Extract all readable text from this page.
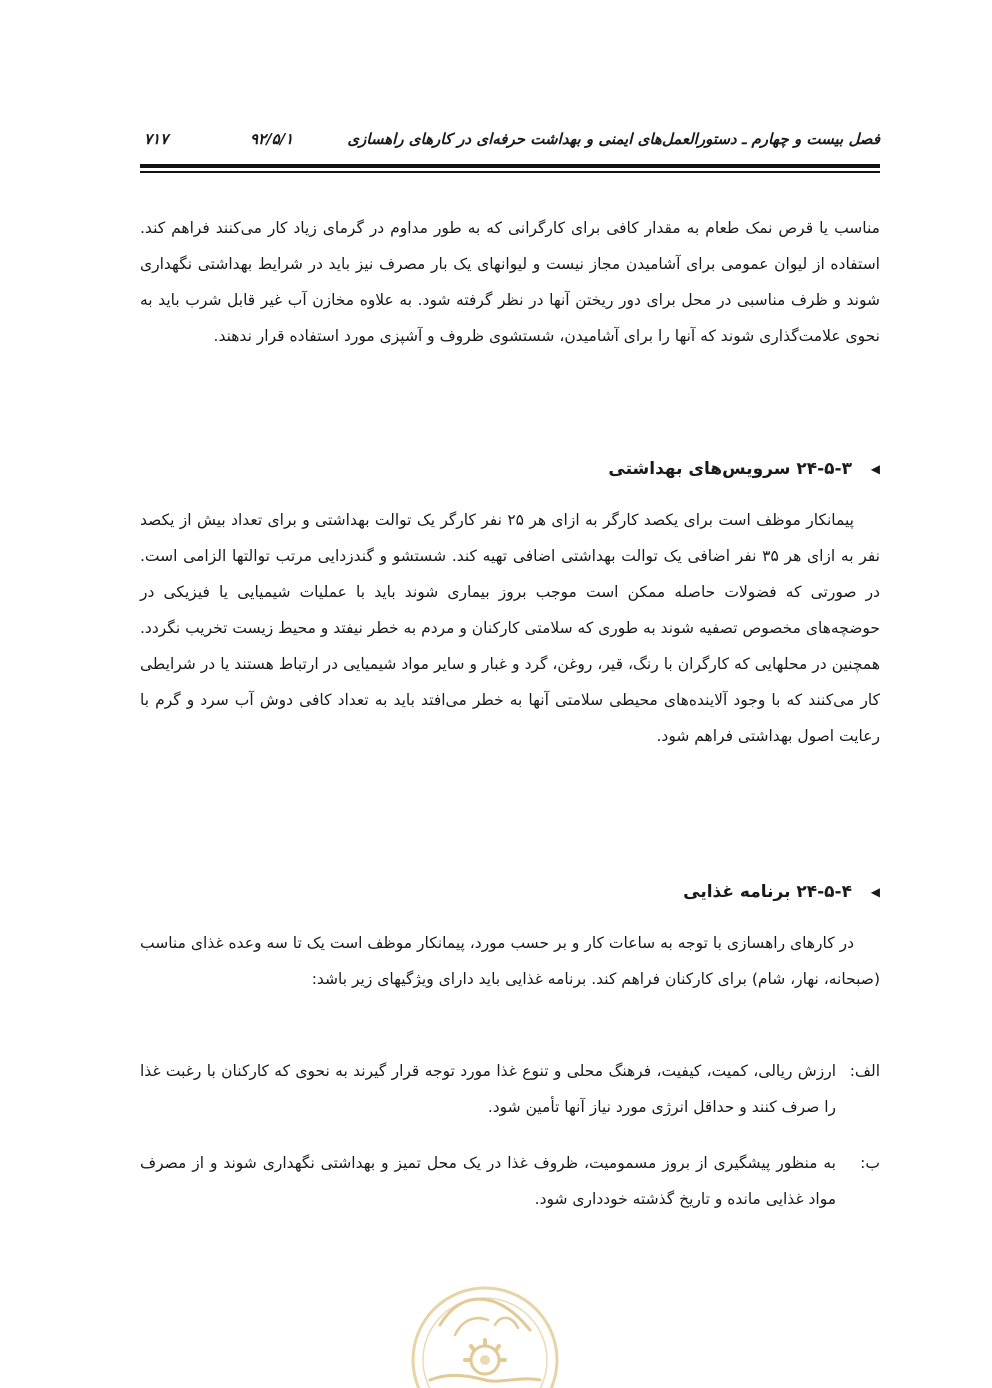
فصل بیست و چهارم ـ دستورالعمل‌های ایمنی و بهداشت حرفه‌ای در کارهای راهسازی
۹۲/۵/۱
۷۱۷

مناسب یا قرص نمک طعام به مقدار کافی برای کارگرانی که به طور مداوم در گرمای زیاد کار می‌کنند فراهم کند. استفاده از لیوان عمومی برای آشامیدن مجاز نیست و لیوانهای یک بار مصرف نیز باید در شرایط بهداشتی نگهداری شوند و ظرف مناسبی در محل برای دور ریختن آنها در نظر گرفته شود. به علاوه مخازن آب غیر قابل شرب باید به نحوی علامت‌گذاری شوند که آنها را برای آشامیدن، شستشوی ظروف و آشپزی مورد استفاده قرار ندهند.

◀۲۴-۵-۳ سرویس‌های بهداشتی

پیمانکار موظف است برای یکصد کارگر به ازای هر ۲۵ نفر کارگر یک توالت بهداشتی و برای تعداد بیش از یکصد نفر به ازای هر ۳۵ نفر اضافی یک توالت بهداشتی اضافی تهیه کند. شستشو و گندزدایی مرتب توالتها الزامی است. در صورتی که فضولات حاصله ممکن است موجب بروز بیماری شوند باید با عملیات شیمیایی یا فیزیکی در حوضچه‌های مخصوص تصفیه شوند به طوری که سلامتی کارکنان و مردم به خطر نیفتد و محیط زیست تخریب نگردد. همچنین در محلهایی که کارگران با رنگ، قیر، روغن، گرد و غبار و سایر مواد شیمیایی در ارتباط هستند یا در شرایطی کار می‌کنند که با وجود آلاینده‌های محیطی سلامتی آنها به خطر می‌افتد باید به تعداد کافی دوش آب سرد و گرم با رعایت اصول بهداشتی فراهم شود.

◀۲۴-۵-۴ برنامه غذایی

در کارهای راهسازی با توجه به ساعات کار و بر حسب مورد، پیمانکار موظف است یک تا سه وعده غذای مناسب (صبحانه، نهار، شام) برای کارکنان فراهم کند. برنامه غذایی باید دارای ویژگیهای زیر باشد:

الف:
ارزش ریالی، کمیت، کیفیت، فرهنگ محلی و تنوع غذا مورد توجه قرار گیرند به نحوی که کارکنان با رغبت غذا را صرف کنند و حداقل انرژی مورد نیاز آنها تأمین شود.
ب:
به منظور پیشگیری از بروز مسمومیت، ظروف غذا در یک محل تمیز و بهداشتی نگهداری شوند و از مصرف مواد غذایی مانده و تاریخ گذشته خودداری شود.
